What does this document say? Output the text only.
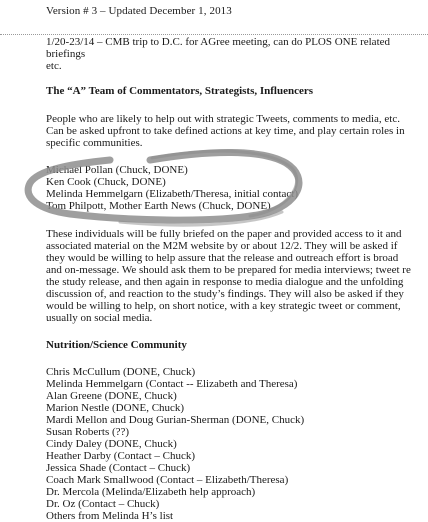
Version # 3 – Updated December 1, 2013

1/20-23/14 – CMB trip to D.C. for AGree meeting, can do PLOS ONE related briefings

etc.

The “A” Team of Commentators, Strategists, Influencers

People who are likely to help out with strategic Tweets, comments to media, etc.
Can be asked upfront to take defined actions at key time, and play certain roles in
specific communities.
Michael Pollan (Chuck, DONE)
Ken Cook (Chuck, DONE)
Melinda Hemmelgarn (Elizabeth/Theresa, initial contact)
Tom Philpott, Mother Earth News (Chuck, DONE)
These individuals will be fully briefed on the paper and provided access to it and
associated material on the M2M website by or about 12/2. They will be asked if
they would be willing to help assure that the release and outreach effort is broad
and on-message. We should ask them to be prepared for media interviews; tweet re
the study release, and then again in response to media dialogue and the unfolding
discussion of, and reaction to the study’s findings. They will also be asked if they
would be willing to help, on short notice, with a key strategic tweet or comment,
usually on social media.

Nutrition/Science Community

Chris McCullum (DONE, Chuck)
Melinda Hemmelgarn (Contact -- Elizabeth and Theresa)
Alan Greene (DONE, Chuck)
Marion Nestle (DONE, Chuck)
Mardi Mellon and Doug Gurian-Sherman (DONE, Chuck)
Susan Roberts (??)
Cindy Daley (DONE, Chuck)
Heather Darby (Contact – Chuck)
Jessica Shade (Contact – Chuck)
Coach Mark Smallwood (Contact – Elizabeth/Theresa)
Dr. Mercola (Melinda/Elizabeth help approach)
Dr. Oz (Contact – Chuck)
Others from Melinda H’s list
